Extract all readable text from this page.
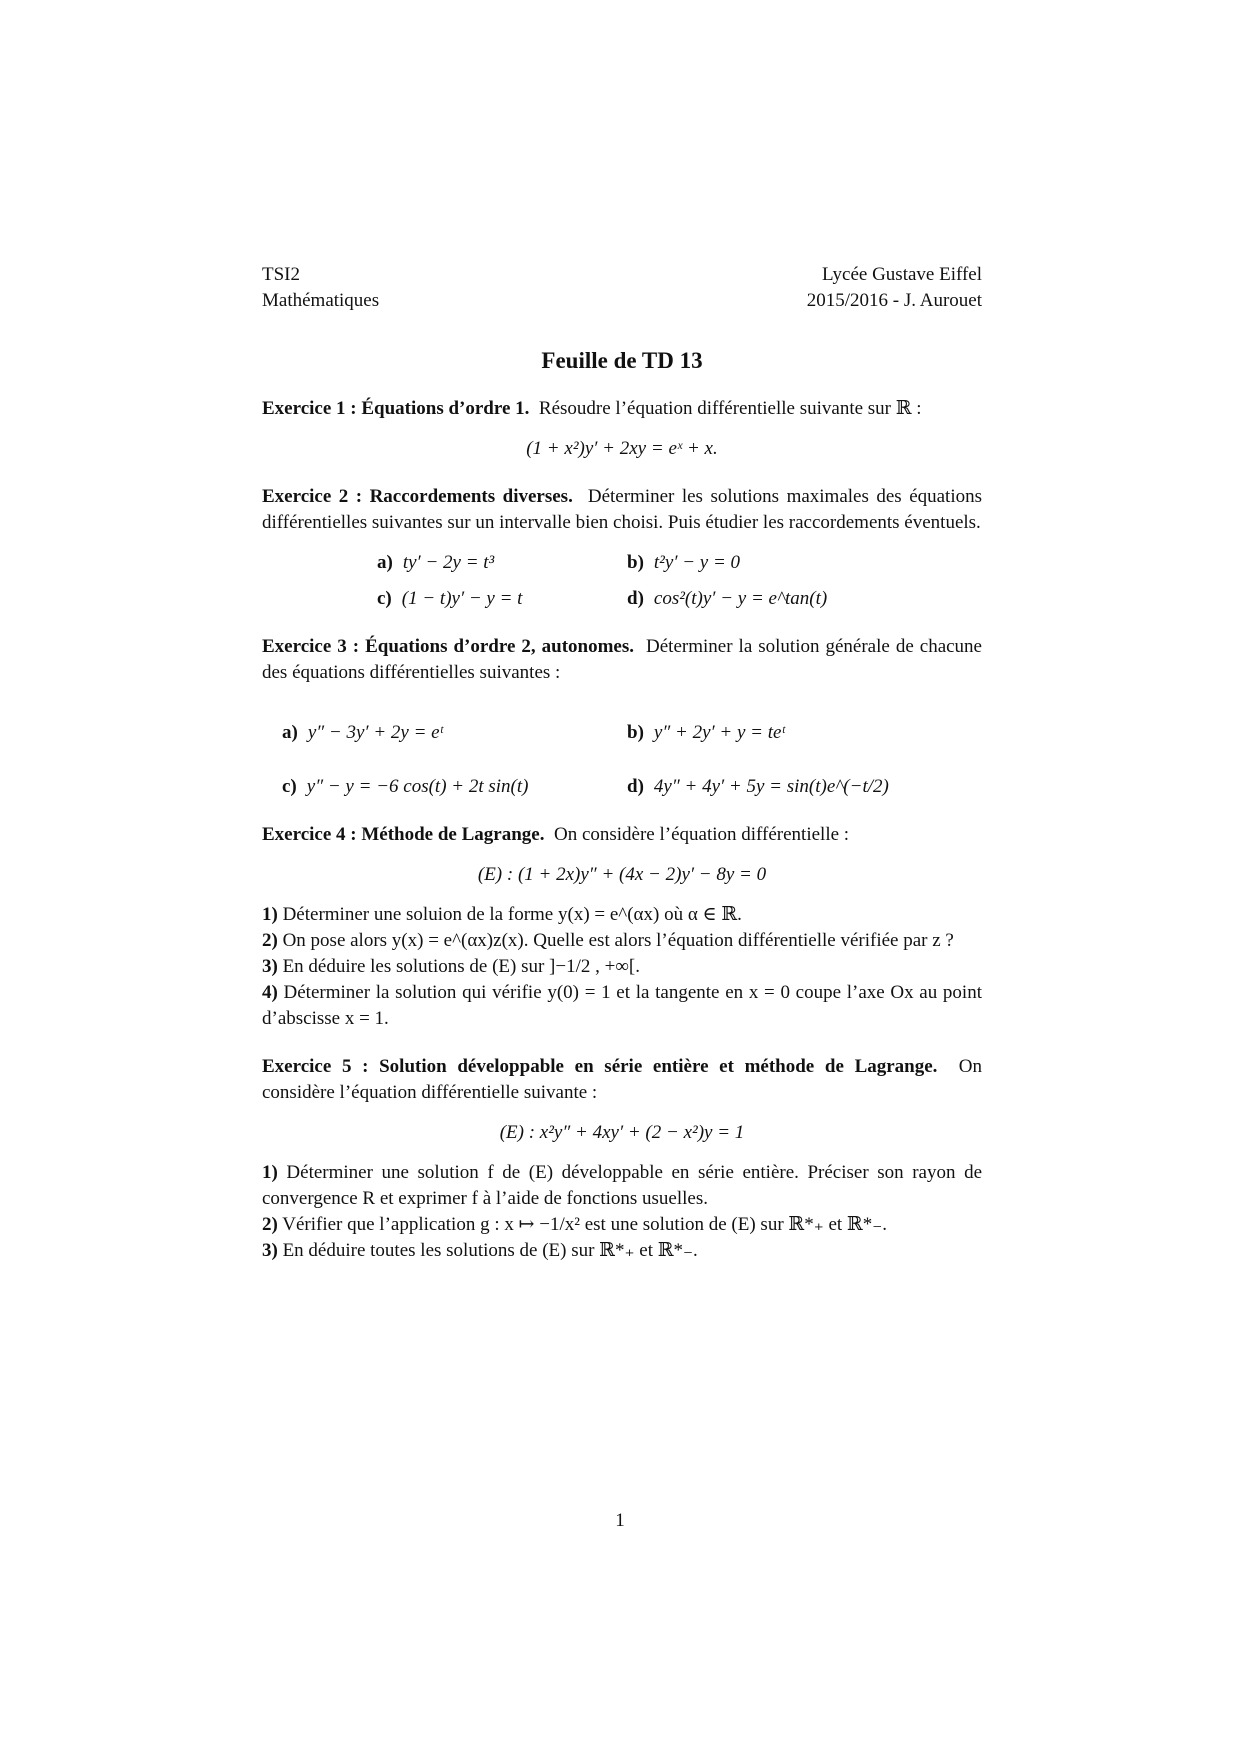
TSI2
Mathématiques
Lycée Gustave Eiffel
2015/2016 - J. Aurouet
Feuille de TD 13
Exercice 1 : Équations d’ordre 1. Résoudre l’équation différentielle suivante sur ℝ :
(1 + x²)y′ + 2xy = eˣ + x.
Exercice 2 : Raccordements diverses. Déterminer les solutions maximales des équations différentielles suivantes sur un intervalle bien choisi. Puis étudier les raccordements éventuels.
a) ty′ − 2y = t³	b) t²y′ − y = 0
c) (1 − t)y′ − y = t	d) cos²(t)y′ − y = e^tan(t)
Exercice 3 : Équations d’ordre 2, autonomes. Déterminer la solution générale de chacune des équations différentielles suivantes :
a) y″ − 3y′ + 2y = eᵗ	b) y″ + 2y′ + y = teᵗ
c) y″ − y = −6 cos(t) + 2t sin(t)	d) 4y″ + 4y′ + 5y = sin(t)e^(−t/2)
Exercice 4 : Méthode de Lagrange. On considère l’équation différentielle :
(E) : (1 + 2x)y″ + (4x − 2)y′ − 8y = 0
1) Déterminer une soluion de la forme y(x) = e^(αx) où α ∈ ℝ.
2) On pose alors y(x) = e^(αx)z(x). Quelle est alors l’équation différentielle vérifiée par z ?
3) En déduire les solutions de (E) sur ]−1/2 , +∞[.
4) Déterminer la solution qui vérifie y(0) = 1 et la tangente en x = 0 coupe l’axe Ox au point d’abscisse x = 1.
Exercice 5 : Solution développable en série entière et méthode de Lagrange. On considère l’équation différentielle suivante :
(E) : x²y″ + 4xy′ + (2 − x²)y = 1
1) Déterminer une solution f de (E) développable en série entière. Préciser son rayon de convergence R et exprimer f à l’aide de fonctions usuelles.
2) Vérifier que l’application g : x ↦ −1/x² est une solution de (E) sur ℝ*₊ et ℝ*₋.
3) En déduire toutes les solutions de (E) sur ℝ*₊ et ℝ*₋.
1
